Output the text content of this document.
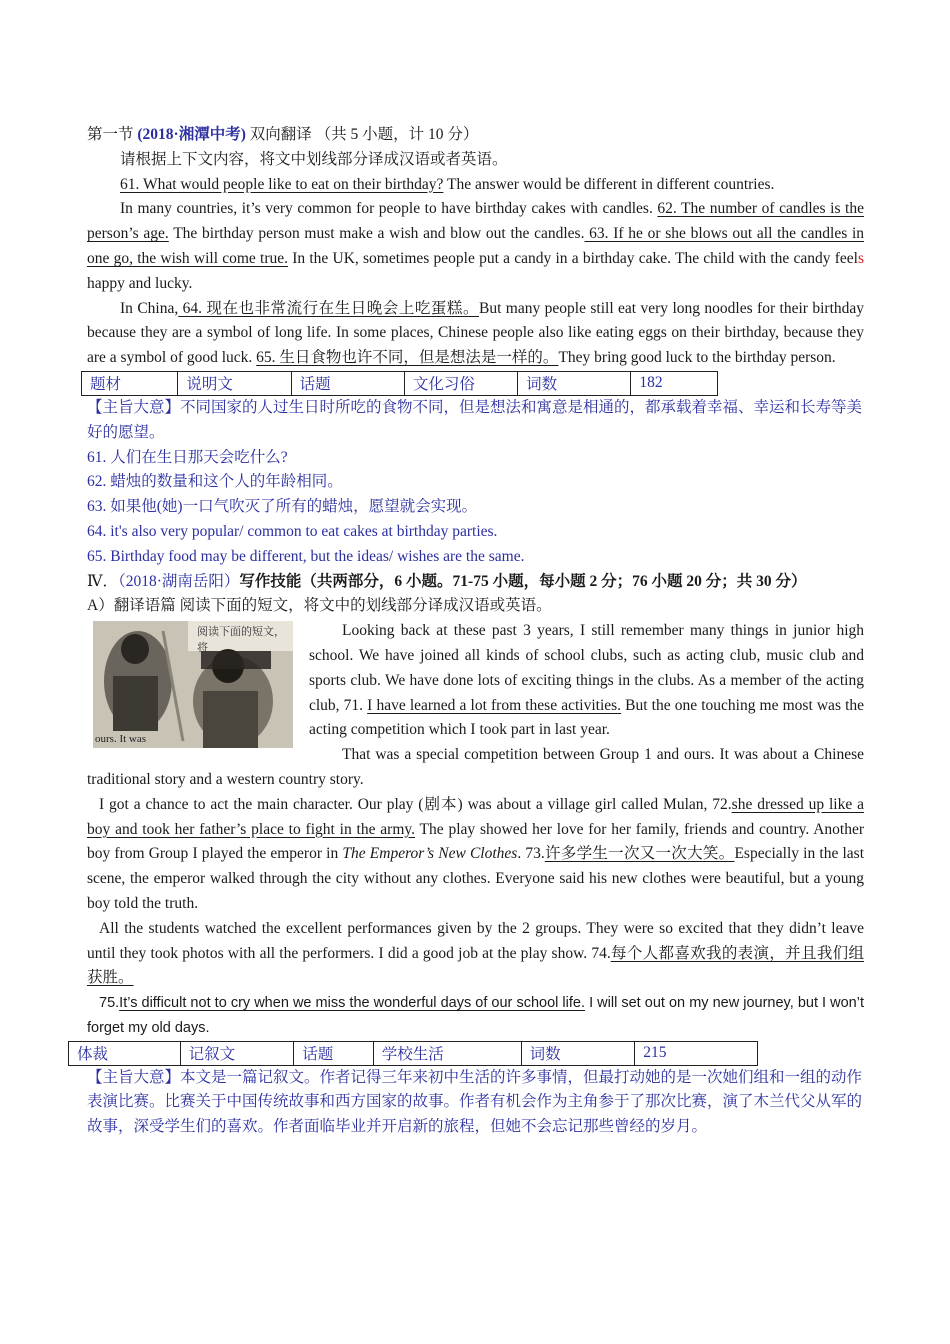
第一节 (2018·湘潭中考) 双向翻译 （共 5 小题，计 10 分）

请根据上下文内容，将文中划线部分译成汉语或者英语。

61. What would people like to eat on their birthday? The answer would be different in different countries.

In many countries, it’s very common for people to have birthday cakes with candles. 62. The number of candles is the person’s age. The birthday person must make a wish and blow out the candles. 63. If he or she blows out all the candles in one go, the wish will come true. In the UK, sometimes people put a candy in a birthday cake. The child with the candy feels happy and lucky.

In China, 64. 现在也非常流行在生日晚会上吃蛋糕。But many people still eat very long noodles for their birthday because they are a symbol of long life. In some places, Chinese people also like eating eggs on their birthday, because they are a symbol of good luck. 65. 生日食物也许不同，但是想法是一样的。They bring good luck to the birthday person.

题材	说明文	话题	文化习俗	词数	182

【主旨大意】不同国家的人过生日时所吃的食物不同，但是想法和寓意是相通的，都承载着幸福、幸运和长寿等美好的愿望。

61. 人们在生日那天会吃什么?

62. 蜡烛的数量和这个人的年龄相同。

63. 如果他(她)一口气吹灭了所有的蜡烛，愿望就会实现。

64. it's also very popular/ common to eat cakes at birthday parties.

65. Birthday food may be different, but the ideas/ wishes are the same.

Ⅳ．（2018·湖南岳阳）写作技能（共两部分，6 小题。71-75 小题，每小题 2 分；76 小题 20 分；共 30 分）

A）翻译语篇 阅读下面的短文，将文中的划线部分译成汉语或英语。

阅读下面的短文，将
ours. It was

Looking back at these past 3 years, I still remember many things in junior high school. We have joined all kinds of school clubs, such as acting club, music club and sports club. We have done lots of exciting things in the clubs. As a member of the acting club, 71. I have learned a lot from these activities. But the one touching me most was the acting competition which I took part in last year.

That was a special competition between Group 1 and ours. It was about a Chinese traditional story and a western country story.

I got a chance to act the main character. Our play (剧本) was about a village girl called Mulan, 72.she dressed up like a boy and took her father’s place to fight in the army. The play showed her love for her family, friends and country. Another boy from Group I played the emperor in The Emperor’s New Clothes. 73.许多学生一次又一次大笑。Especially in the last scene, the emperor walked through the city without any clothes. Everyone said his new clothes were beautiful, but a young boy told the truth.

All the students watched the excellent performances given by the 2 groups. They were so excited that they didn’t leave until they took photos with all the performers. I did a good job at the play show. 74.每个人都喜欢我的表演，并且我们组获胜。

75.It’s difficult not to cry when we miss the wonderful days of our school life. I will set out on my new journey, but I won’t forget my old days.

体裁	记叙文	话题	学校生活	词数	215

【主旨大意】本文是一篇记叙文。作者记得三年来初中生活的许多事情，但最打动她的是一次她们组和一组的动作表演比赛。比赛关于中国传统故事和西方国家的故事。作者有机会作为主角参于了那次比赛，演了木兰代父从军的故事，深受学生们的喜欢。作者面临毕业并开启新的旅程，但她不会忘记那些曾经的岁月。
